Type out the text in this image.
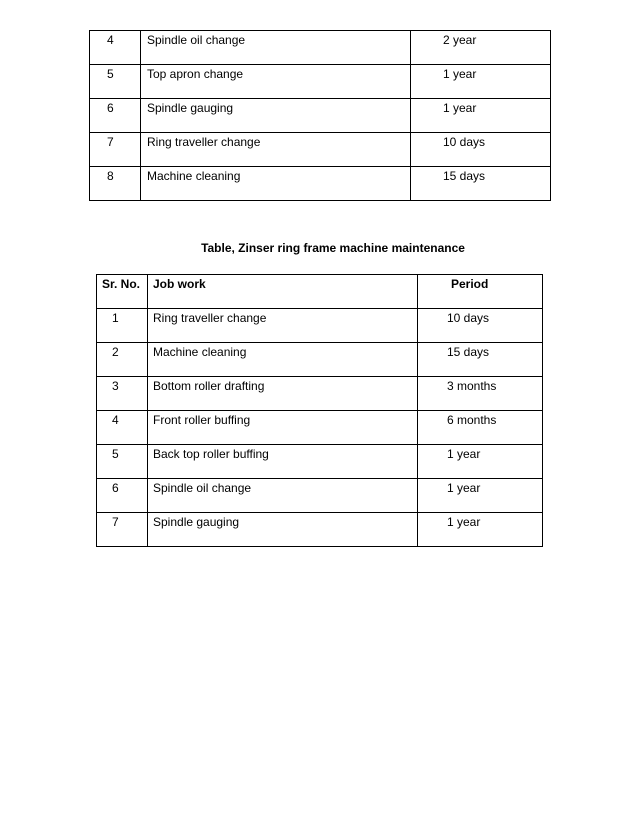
4	Spindle oil change	2 year

5	Top apron change	1 year

6	Spindle gauging	1 year

7	Ring traveller change	10 days

8	Machine cleaning	15 days
Table, Zinser ring frame machine maintenance
Sr. No.	Job work	Period

1	Ring traveller change	10 days

2	Machine cleaning	15 days

3	Bottom roller drafting	3 months

4	Front roller buffing	6 months

5	Back top roller buffing	1 year

6	Spindle oil change	1 year

7	Spindle gauging	1 year
